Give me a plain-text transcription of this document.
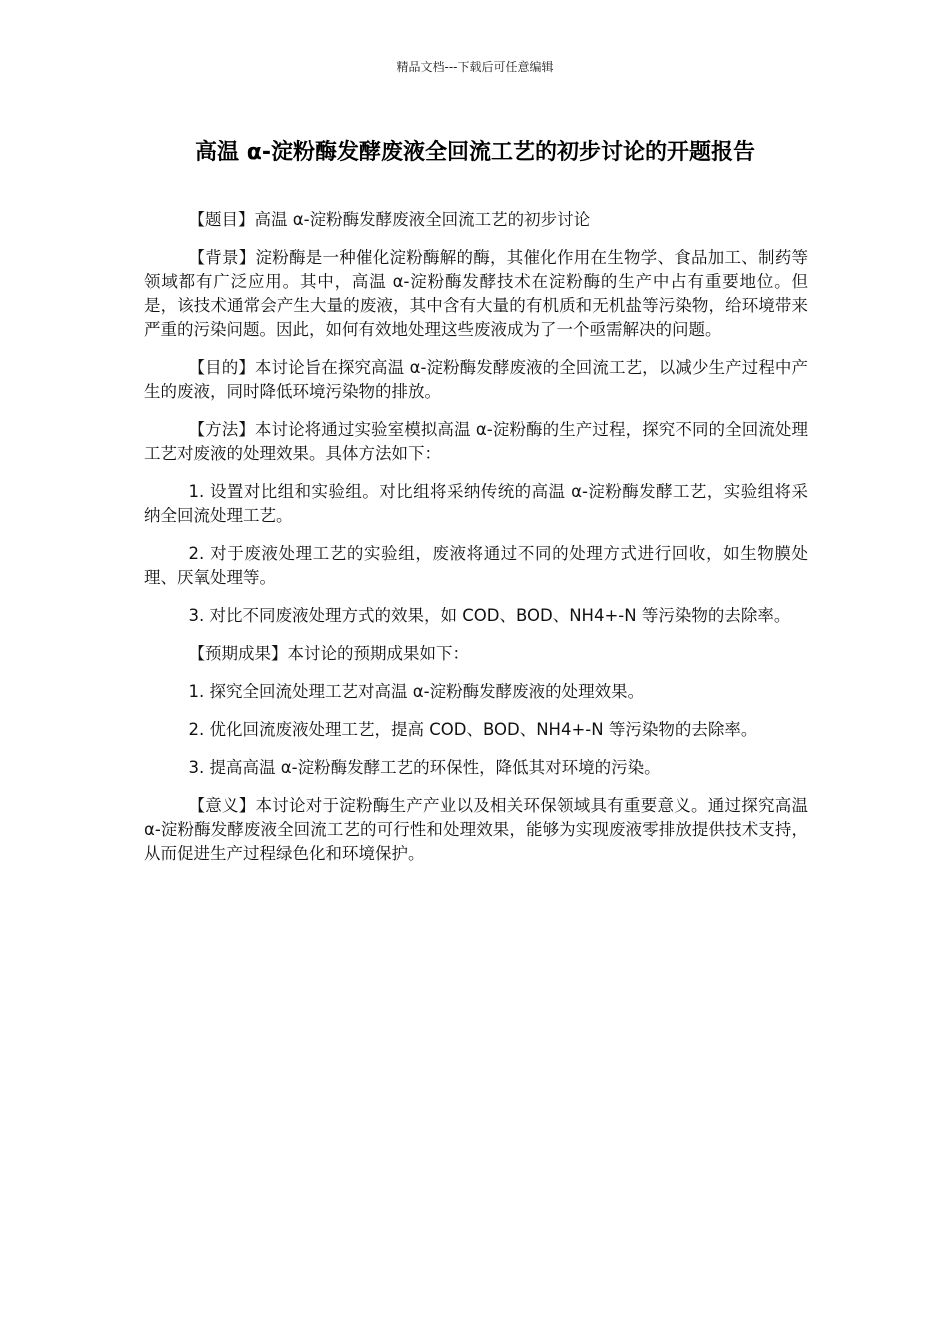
精品文档---下载后可任意编辑
高温 α-淀粉酶发酵废液全回流工艺的初步讨论的开题报告

【题目】高温 α-淀粉酶发酵废液全回流工艺的初步讨论

【背景】淀粉酶是一种催化淀粉酶解的酶，其催化作用在生物学、食品加工、制药等领域都有广泛应用。其中，高温 α-淀粉酶发酵技术在淀粉酶的生产中占有重要地位。但是，该技术通常会产生大量的废液，其中含有大量的有机质和无机盐等污染物，给环境带来严重的污染问题。因此，如何有效地处理这些废液成为了一个亟需解决的问题。

【目的】本讨论旨在探究高温 α-淀粉酶发酵废液的全回流工艺，以减少生产过程中产生的废液，同时降低环境污染物的排放。

【方法】本讨论将通过实验室模拟高温 α-淀粉酶的生产过程，探究不同的全回流处理工艺对废液的处理效果。具体方法如下：

1. 设置对比组和实验组。对比组将采纳传统的高温 α-淀粉酶发酵工艺，实验组将采纳全回流处理工艺。

2. 对于废液处理工艺的实验组，废液将通过不同的处理方式进行回收，如生物膜处理、厌氧处理等。

3. 对比不同废液处理方式的效果，如 COD、BOD、NH4+-N 等污染物的去除率。

【预期成果】本讨论的预期成果如下：

1. 探究全回流处理工艺对高温 α-淀粉酶发酵废液的处理效果。

2. 优化回流废液处理工艺，提高 COD、BOD、NH4+-N 等污染物的去除率。

3. 提高高温 α-淀粉酶发酵工艺的环保性，降低其对环境的污染。

【意义】本讨论对于淀粉酶生产产业以及相关环保领域具有重要意义。通过探究高温 α-淀粉酶发酵废液全回流工艺的可行性和处理效果，能够为实现废液零排放提供技术支持，从而促进生产过程绿色化和环境保护。
